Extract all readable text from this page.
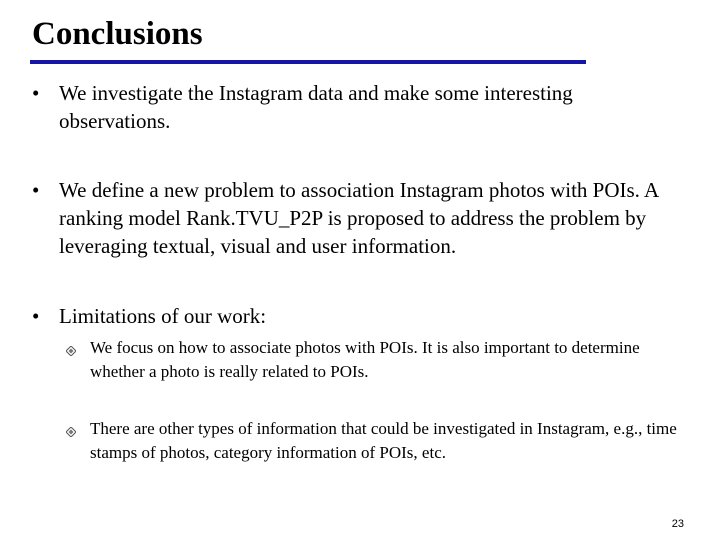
Conclusions
• We investigate the Instagram data and make some interesting observations.
• We define a new problem to association Instagram photos with POIs. A ranking model Rank.TVU_P2P is proposed to address the problem by leveraging textual, visual and user information.
• Limitations of our work:
We focus on how to associate photos with POIs. It is also important to determine whether a photo is really related to POIs.
There are other types of information that could be investigated in Instagram, e.g., time stamps of photos, category information of POIs, etc.
23
